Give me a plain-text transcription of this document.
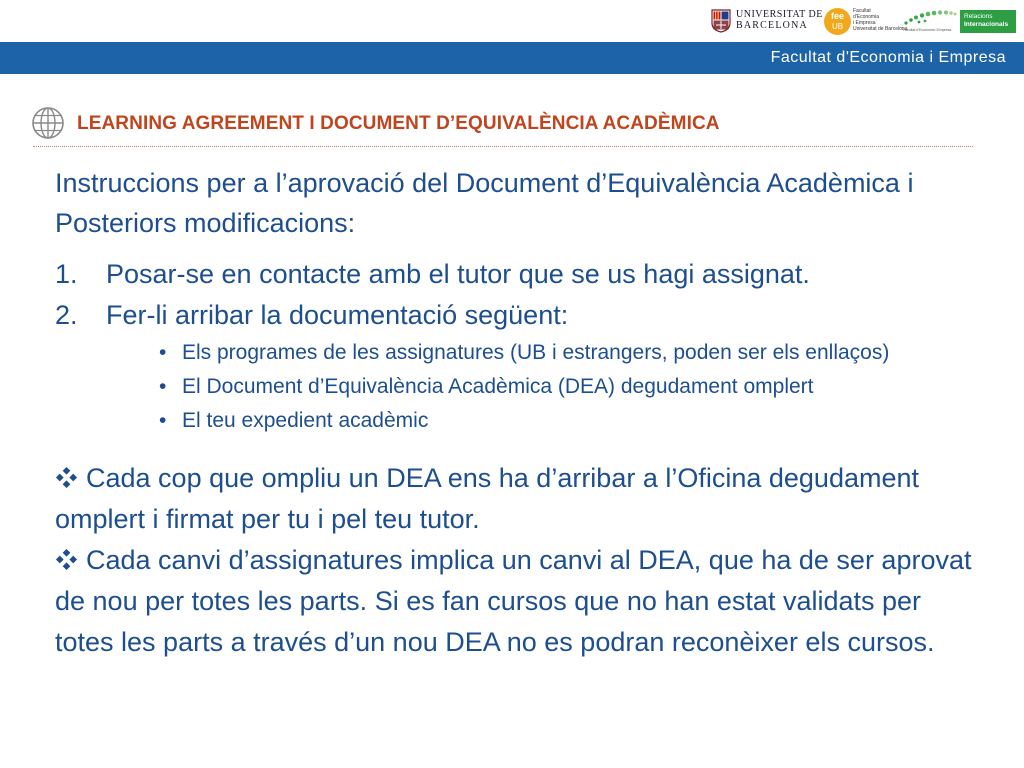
UNIVERSITAT DE
BARCELONA
fee
UB
Facultat
d'Economia
i Empresa
Universitat de Barcelona
Facultat d'Economia i Empresa
Relacions
Internacionals
Facultat d'Economia i Empresa
LEARNING AGREEMENT I DOCUMENT D’EQUIVALÈNCIA ACADÈMICA

Instruccions per a l’aprovació del Document d’Equivalència Acadèmica i Posteriors modificacions:

1. Posar-se en contacte amb el tutor que se us hagi assignat.
2. Fer-li arribar la documentació següent:
• Els programes de les assignatures (UB i estrangers, poden ser els enllaços)
• El Document d’Equivalència Acadèmica (DEA) degudament omplert
• El teu expedient acadèmic
Cada cop que ompliu un DEA ens ha d’arribar a l’Oficina degudament omplert i firmat per tu i pel teu tutor.
Cada canvi d’assignatures implica un canvi al DEA, que ha de ser aprovat de nou per totes les parts. Si es fan cursos que no han estat validats per totes les parts a través d’un nou DEA no es podran reconèixer els cursos.
